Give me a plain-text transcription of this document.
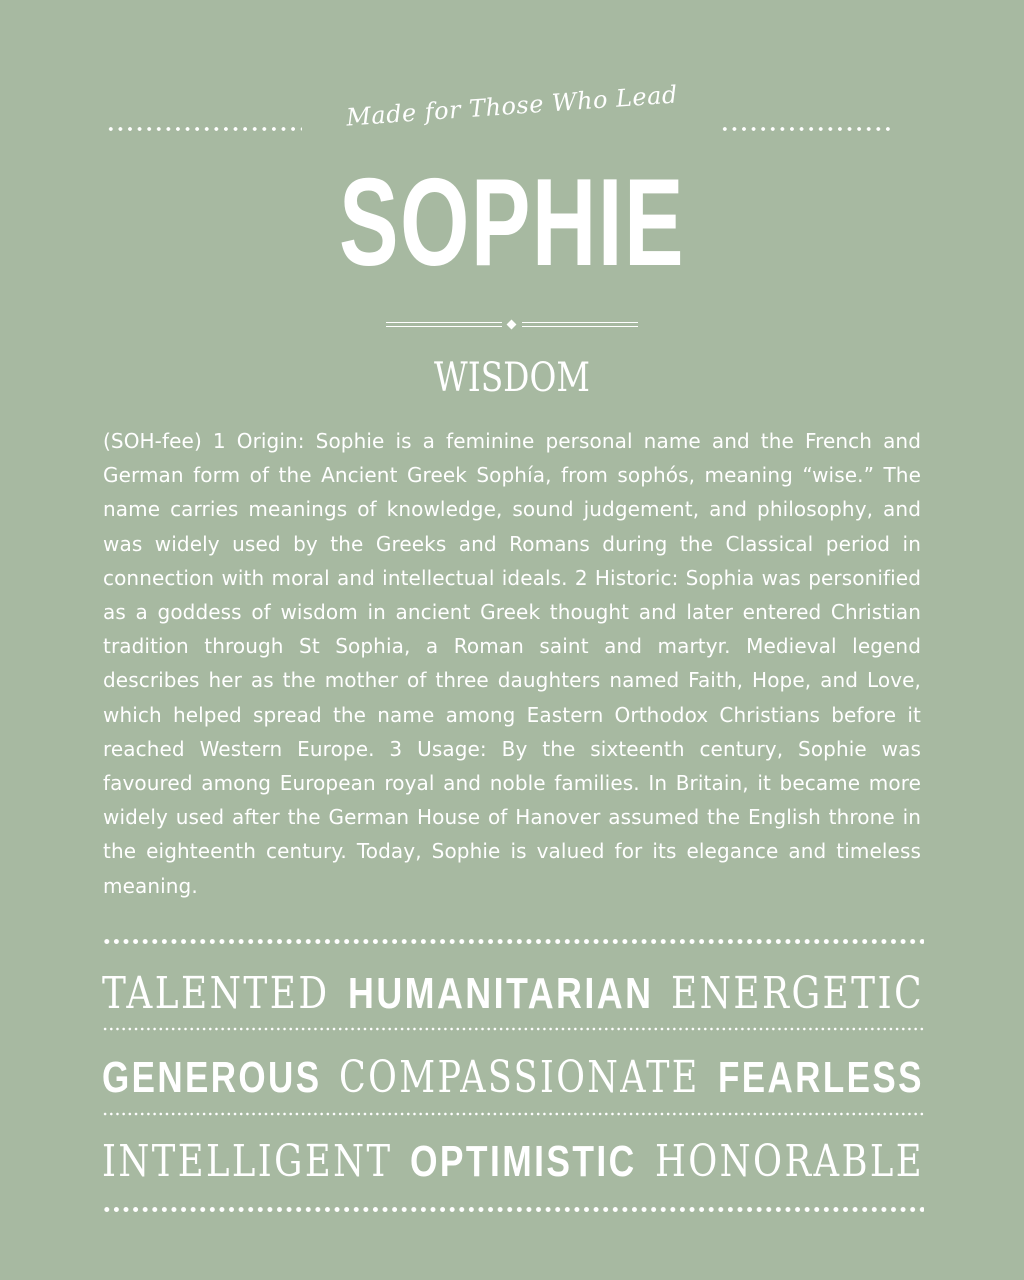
Made for Those Who Lead
SOPHIE
WISDOM

(SOH-fee) 1 Origin: Sophie is a feminine personal name and the French and German form of the Ancient Greek Sophía, from sophós, meaning “wise.” The name carries meanings of knowledge, sound judgement, and philosophy, and was widely used by the Greeks and Romans during the Classical period in connection with moral and intellectual ideals. 2 Historic: Sophia was personified as a goddess of wisdom in ancient Greek thought and later entered Christian tradition through St Sophia, a Roman saint and martyr. Medieval legend describes her as the mother of three daughters named Faith, Hope, and Love, which helped spread the name among Eastern Orthodox Christians before it reached Western Europe. 3 Usage: By the sixteenth century, Sophie was favoured among European royal and noble families. In Britain, it became more widely used after the German House of Hanover assumed the English throne in the eighteenth century. Today, Sophie is valued for its elegance and timeless meaning.

TALENTED HUMANITARIAN ENERGETIC
GENEROUS COMPASSIONATE FEARLESS
INTELLIGENT OPTIMISTIC HONORABLE
